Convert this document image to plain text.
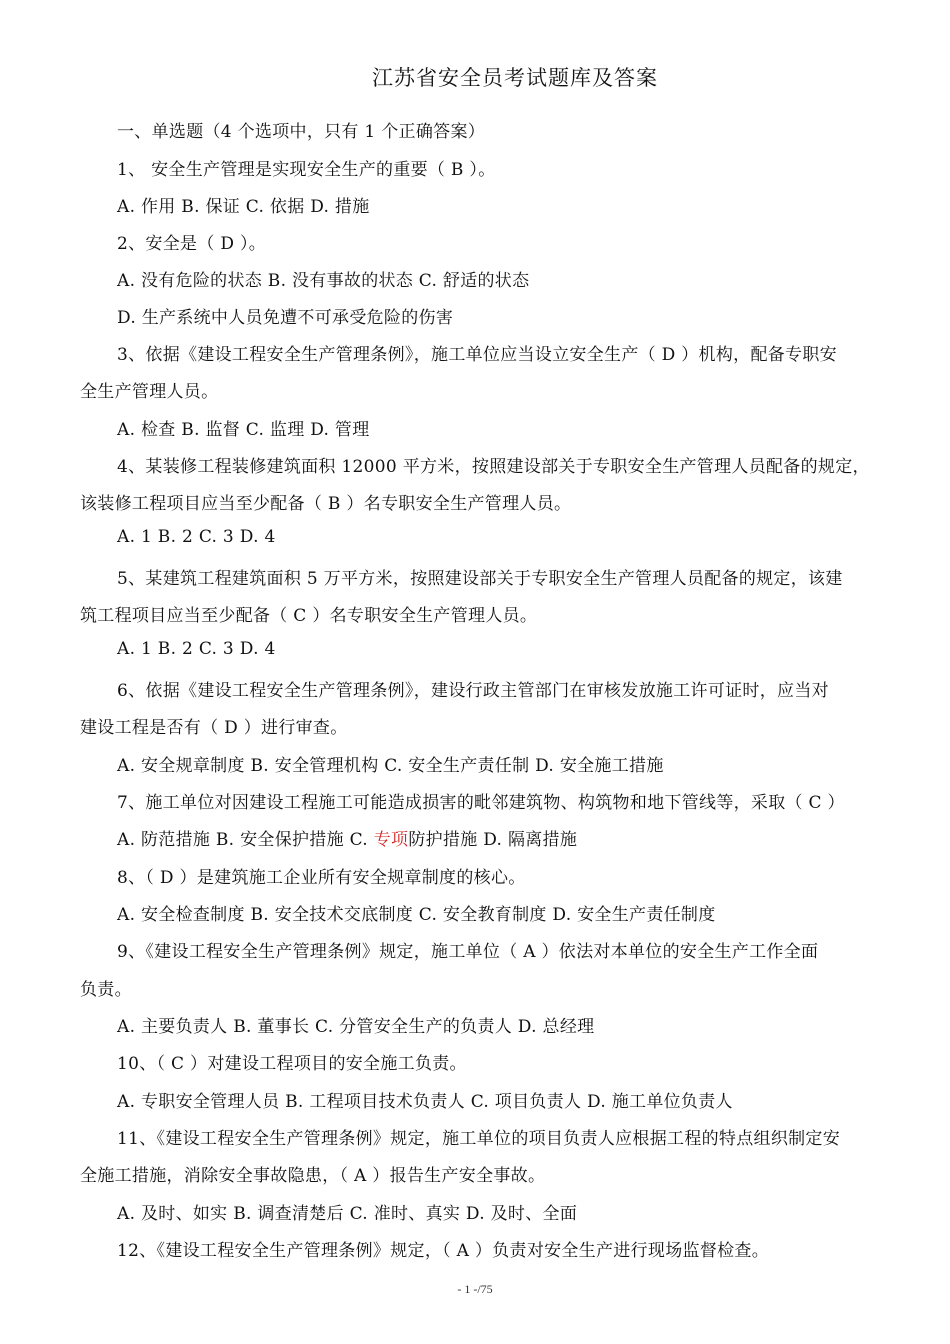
江苏省安全员考试题库及答案
一、单选题（4 个选项中，只有 1 个正确答案）
1、 安全生产管理是实现安全生产的重要（ B ）。
A. 作用 B. 保证 C. 依据 D. 措施
2、安全是（ D ）。
A. 没有危险的状态 B. 没有事故的状态 C. 舒适的状态
D. 生产系统中人员免遭不可承受危险的伤害
3、依据《建设工程安全生产管理条例》，施工单位应当设立安全生产（ D ）机构，配备专职安
全生产管理人员。
A. 检查 B. 监督 C. 监理 D. 管理
4、某装修工程装修建筑面积 12000 平方米，按照建设部关于专职安全生产管理人员配备的规定，
该装修工程项目应当至少配备（ B ）名专职安全生产管理人员。
A. 1 B. 2 C. 3 D. 4
5、某建筑工程建筑面积 5 万平方米，按照建设部关于专职安全生产管理人员配备的规定，该建
筑工程项目应当至少配备（ C ）名专职安全生产管理人员。
A. 1 B. 2 C. 3 D. 4
6、依据《建设工程安全生产管理条例》，建设行政主管部门在审核发放施工许可证时，应当对
建设工程是否有（ D ）进行审查。
A. 安全规章制度 B. 安全管理机构 C. 安全生产责任制 D. 安全施工措施
7、施工单位对因建设工程施工可能造成损害的毗邻建筑物、构筑物和地下管线等，采取（ C ）
A. 防范措施 B. 安全保护措施 C. 专项防护措施 D. 隔离措施
8、（ D ）是建筑施工企业所有安全规章制度的核心。
A. 安全检查制度 B. 安全技术交底制度 C. 安全教育制度 D. 安全生产责任制度
9、《建设工程安全生产管理条例》规定，施工单位（ A ）依法对本单位的安全生产工作全面
负责。
A. 主要负责人 B. 董事长 C. 分管安全生产的负责人 D. 总经理
10、（ C ）对建设工程项目的安全施工负责。
A. 专职安全管理人员 B. 工程项目技术负责人 C. 项目负责人 D. 施工单位负责人
11、《建设工程安全生产管理条例》规定，施工单位的项目负责人应根据工程的特点组织制定安
全施工措施，消除安全事故隐患，（ A ）报告生产安全事故。
A. 及时、如实 B. 调查清楚后 C. 准时、真实 D. 及时、全面
12、《建设工程安全生产管理条例》规定，（ A ）负责对安全生产进行现场监督检查。
- 1 -/75
